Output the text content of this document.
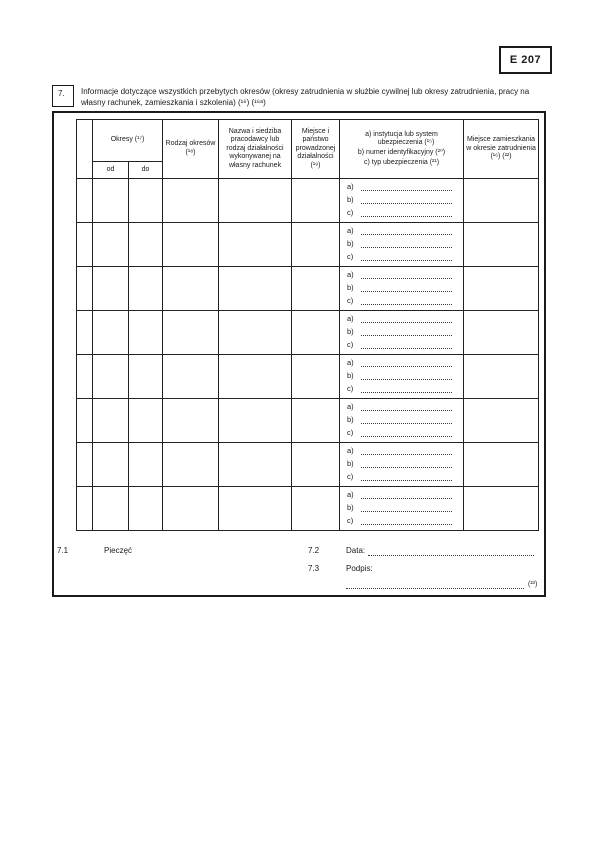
E 207
7.	Informacje dotyczące wszystkich przebytych okresów (okresy zatrudnienia w służbie cywilnej lub okresy zatrudnienia, pracy na własny rachunek, zamieszkania i szkolenia) (¹⁶) (¹⁶ᵃ)
	Okresy (¹⁷)		Rodzaj okresów (¹⁸)	Nazwa i siedziba pracodawcy lub rodzaj działalności wykonywanej na własny rachunek	Miejsce i państwo prowadzonej działalności (¹⁹)	a) instytucja lub system ubezpieczenia (¹⁵)
b) numer identyfikacyjny (²⁰)
c) typ ubezpieczenia (²¹)	Miejsce zamieszkania w okresie zatrudnienia (¹⁶) (²²)
	od	do					

						a)
b)
c)	

						a)
b)
c)	

						a)
b)
c)	

						a)
b)
c)	

						a)
b)
c)	

						a)
b)
c)	

						a)
b)
c)	

						a)
b)
c)	

7.1	Pieczęć	7.2	Data:
7.3	Podpis:
(²³)
